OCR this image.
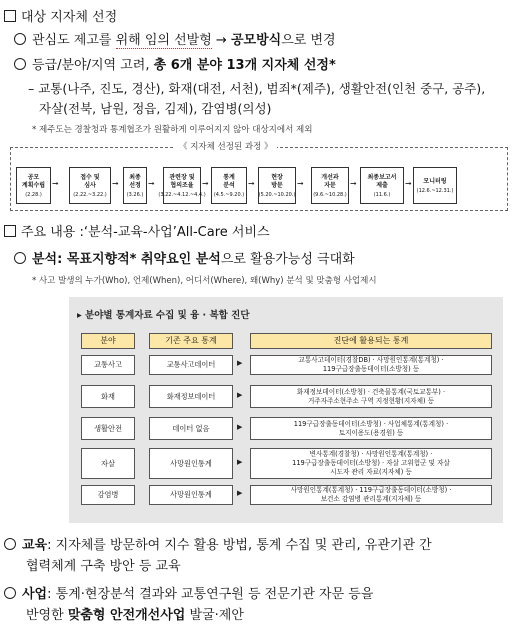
대상 지자체 선정
관심도 제고를 위해 임의 선발형 → 공모방식으로 변경
등급/분야/지역 고려, 총 6개 분야 13개 지자체 선정*
– 교통(나주, 진도, 경산), 화재(대전, 서천), 범죄*(제주), 생활안전(인천 중구, 공주),
자살(전북, 남원, 정읍, 김제), 감염병(의성)
* 제주도는 경찰청과 통계협조가 원활하게 이루어지지 않아 대상지에서 제외
공모
계획수립
(2.28.)
➞
접수 및
심사
(2.22.~3.22.)
➞
최종
선정
(3.26.)
➞
관련장 및
협의조율
(3.22.~4.12.~4.4.)
➞
통계
분석
(4.5.~9.20.)
➞
현장
방문
(5.20.~10.20.)
➞
개선과
자문
(9.6.~10.28.)
➞
최종보고서
제출
(11.6.)
➞ 모니터링
(12.6.~12.31.)
《 지자체 선정된 과정 》
주요 내용 :‘분석-교육-사업’All-Care 서비스
분석: 목표지향적* 취약요인 분석으로 활용가능성 극대화
* 사고 발생의 누가(Who), 언제(When), 어디서(Where), 왜(Why) 분석 및 맞춤형 사업제시
▸ 분야별 통계자료 수집 및 융 · 복합 진단
분야	기존 주요 통계	진단에 활용되는 통계
교통사고	교통사고데이터	▶	교통사고데이터(경찰DB) · 사망원인통계(통계청) ·
119구급장출동데이터(소방청) 등
화재	화재정보데이터	▶	화재정보데이터(소방청) · 건축물통계(국토교통부) ·
거주자주소현주소 구역 지정현황(지자체) 등
생활안전	데이터 없음	▶	119구급장출동데이터(소방청) · 사업체통계(통계청) ·
토지이용도(용경원) 등
자살	사망원인통계	▶
변사통계(경찰청) · 사망원인통계(통계청) ·
119구급장출동데이터(소방청) · 자살 고위험군 및 자살
시도자 관리 자료(지자체) 등
감염병	사망원인통계	▶	사망원인통계(통계청) · 119구급장출동데이터(소방청) ·
보건소 감염병 관리통계(지자체) 등
교육: 지자체를 방문하여 지수 활용 방법, 통계 수집 및 관리, 유관기관 간
협력체계 구축 방안 등 교육
사업: 통계·현장분석 결과와 교통연구원 등 전문기관 자문 등을
반영한 맞춤형 안전개선사업 발굴·제안
